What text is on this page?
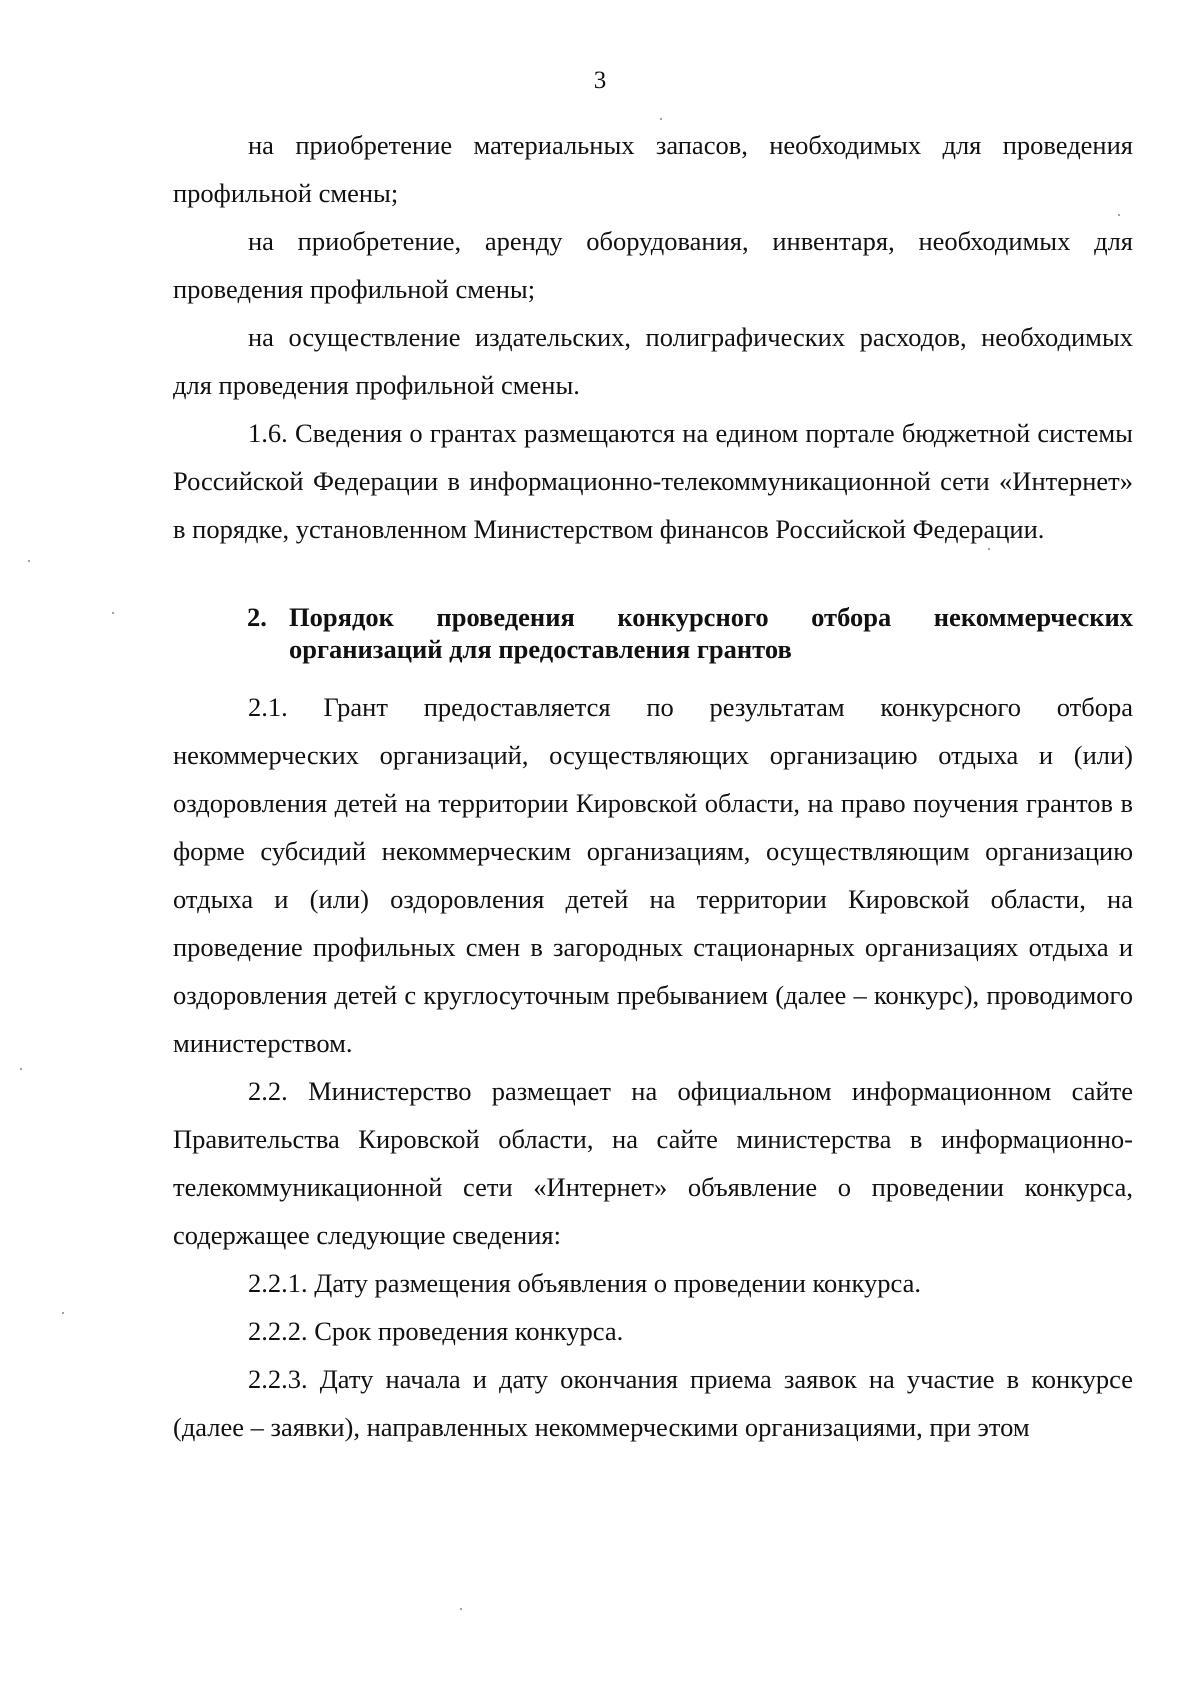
3

на приобретение материальных запасов, необходимых для проведения профильной смены;

на приобретение, аренду оборудования, инвентаря, необходимых для проведения профильной смены;

на осуществление издательских, полиграфических расходов, необходимых для проведения профильной смены.

1.6. Сведения о грантах размещаются на едином портале бюджетной системы Российской Федерации в информационно-телекоммуникационной сети «Интернет» в порядке, установленном Министерством финансов Российской Федерации.

2. Порядок проведения конкурсного отбора некоммерческих организаций для предоставления грантов

2.1. Грант предоставляется по результатам конкурсного отбора некоммерческих организаций, осуществляющих организацию отдыха и (или) оздоровления детей на территории Кировской области, на право поучения грантов в форме субсидий некоммерческим организациям, осуществляющим организацию отдыха и (или) оздоровления детей на территории Кировской области, на проведение профильных смен в загородных стационарных организациях отдыха и оздоровления детей с круглосуточным пребыванием (далее – конкурс), проводимого министерством.

2.2. Министерство размещает на официальном информационном сайте Правительства Кировской области, на сайте министерства в информационно-телекоммуникационной сети «Интернет» объявление о проведении конкурса, содержащее следующие сведения:

2.2.1. Дату размещения объявления о проведении конкурса.

2.2.2. Срок проведения конкурса.

2.2.3. Дату начала и дату окончания приема заявок на участие в конкурсе (далее – заявки), направленных некоммерческими организациями, при этом
